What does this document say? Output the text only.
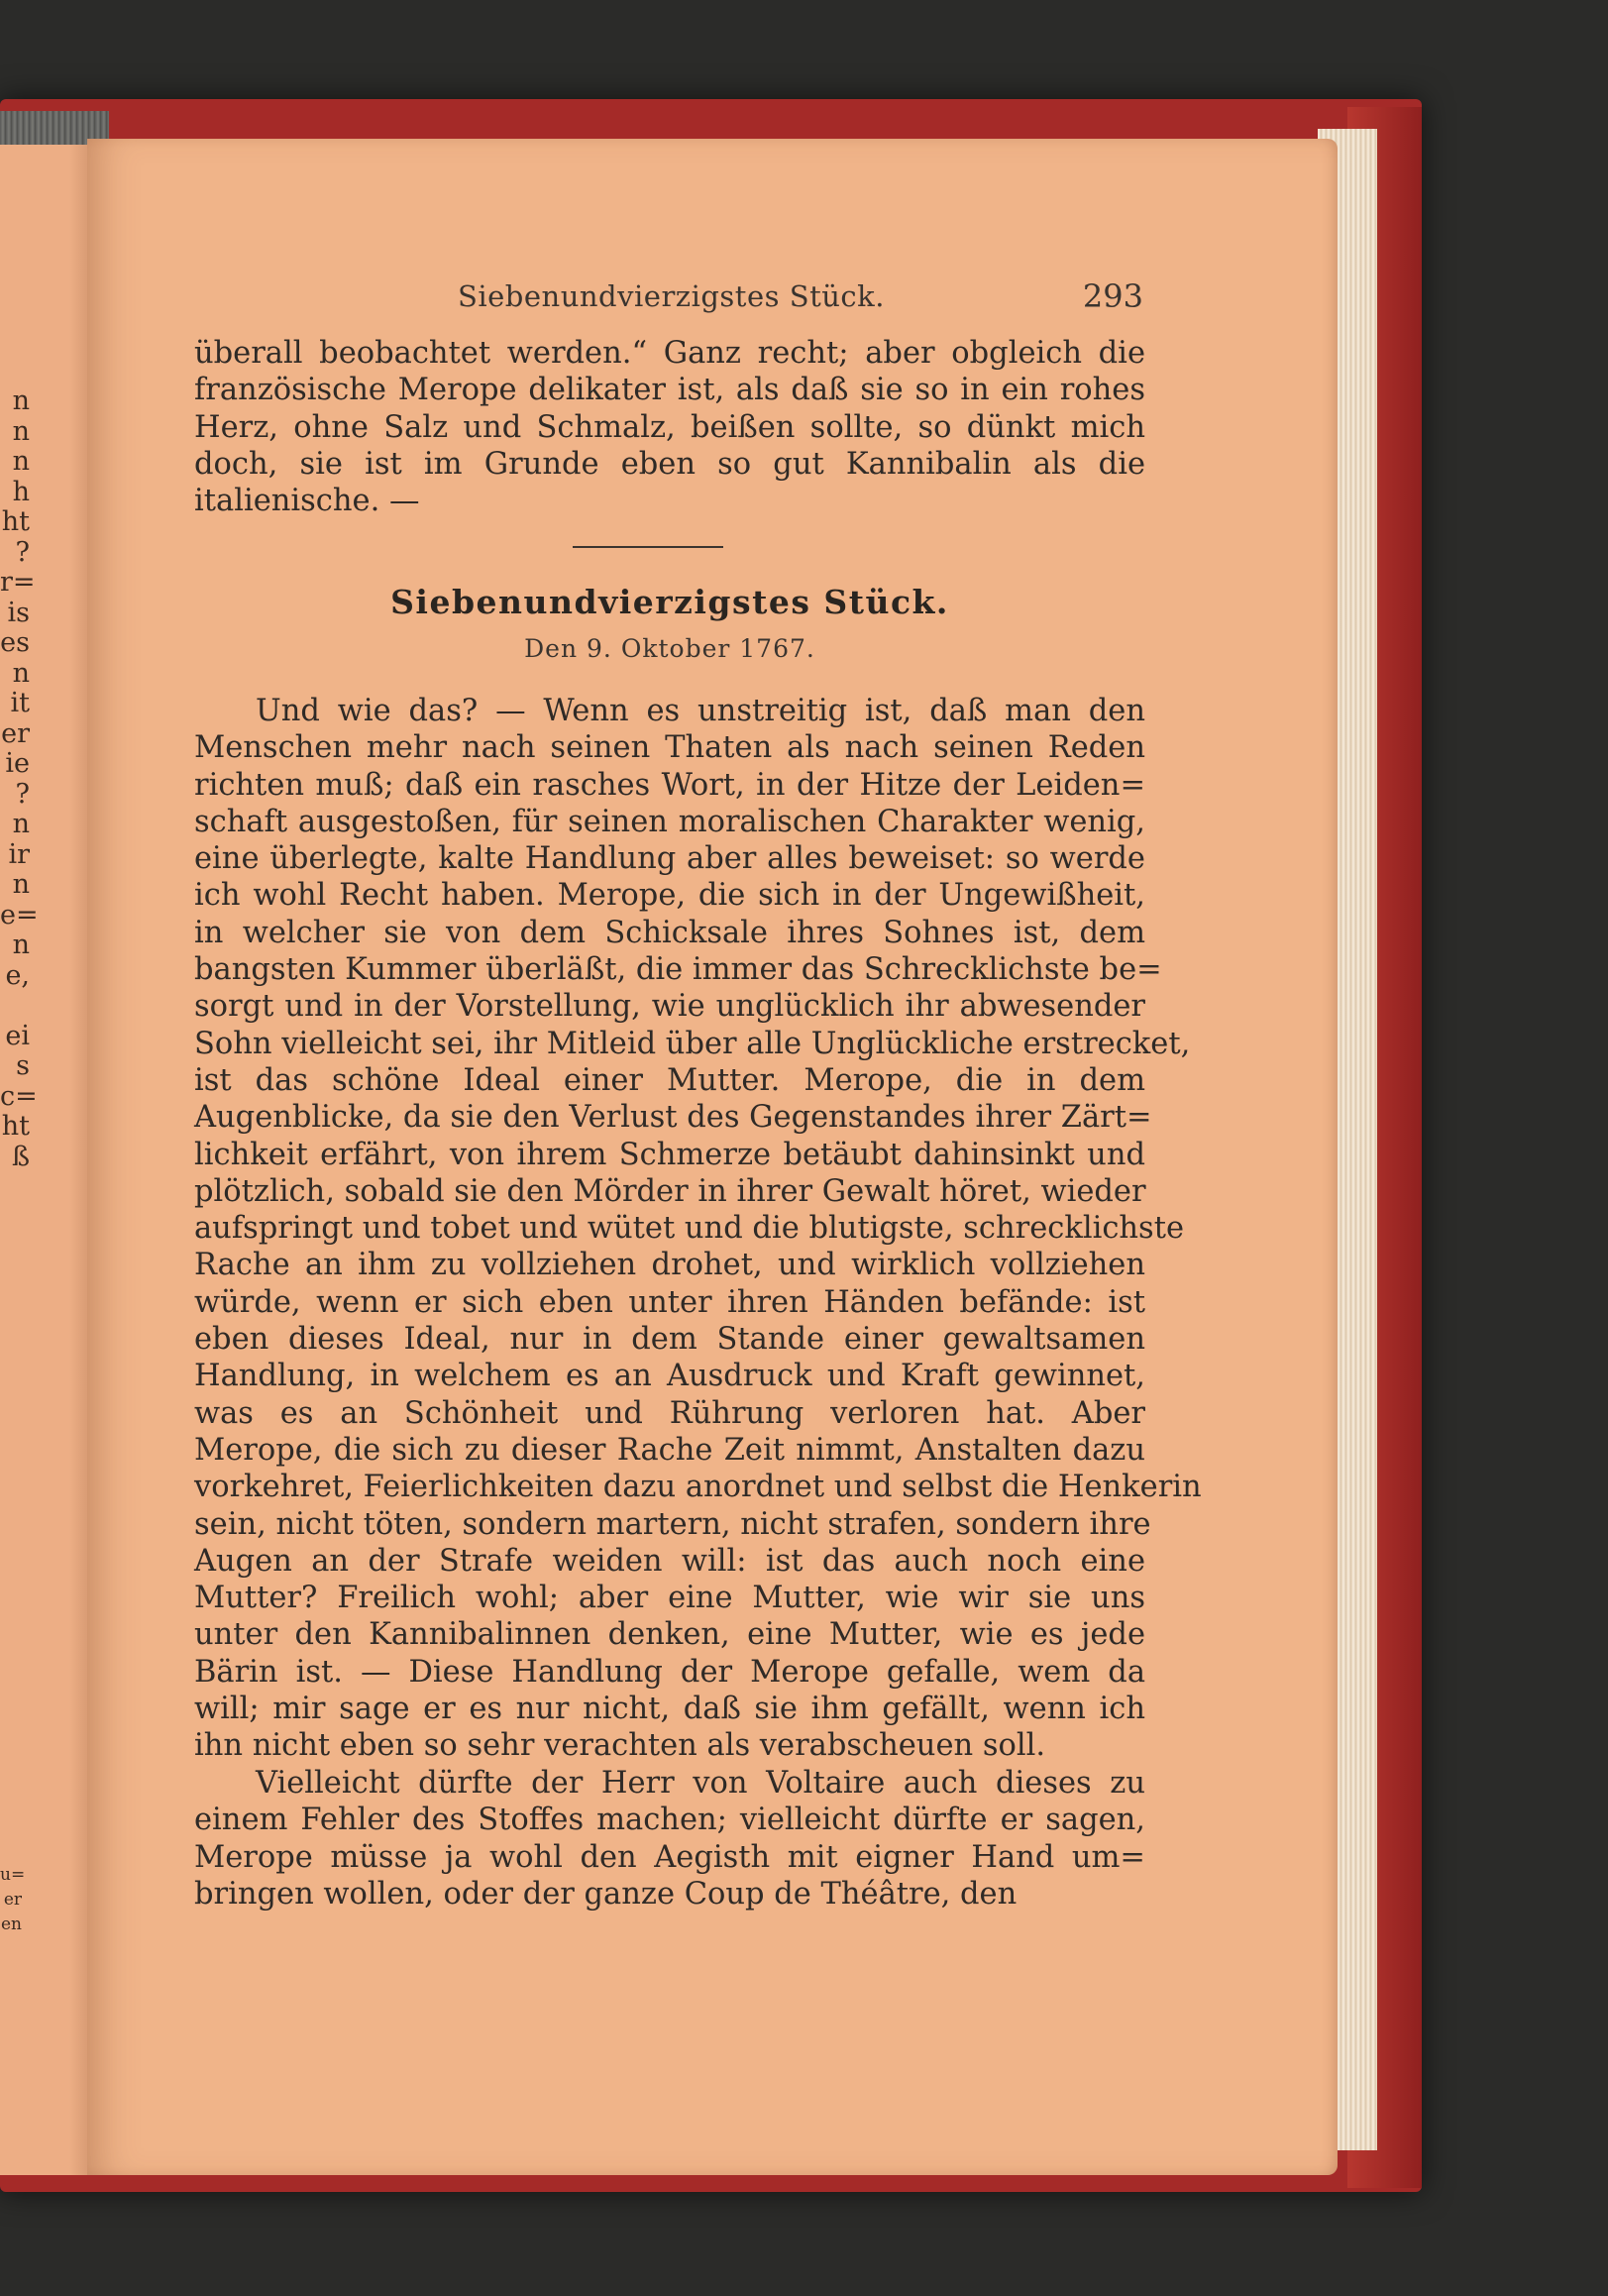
n
n
n
h
ht
?
r=
is
es
n
it
er
ie
?
n
ir
n
e=
n
e,
ei
s
c=
ht
ß
u=
er
en
Siebenundvierzigstes Stück.	293
überall beobachtet werden.“ Ganz recht; aber obgleich die
französische Merope delikater ist, als daß sie so in ein rohes
Herz, ohne Salz und Schmalz, beißen sollte, so dünkt mich
doch, sie ist im Grunde eben so gut Kannibalin als die
italienische. —
Siebenundvierzigstes Stück.
Den 9. Oktober 1767.
Und wie das? — Wenn es unstreitig ist, daß man den
Menschen mehr nach seinen Thaten als nach seinen Reden
richten muß; daß ein rasches Wort, in der Hitze der Leiden=
schaft ausgestoßen, für seinen moralischen Charakter wenig,
eine überlegte, kalte Handlung aber alles beweiset: so werde
ich wohl Recht haben. Merope, die sich in der Ungewißheit,
in welcher sie von dem Schicksale ihres Sohnes ist, dem
bangsten Kummer überläßt, die immer das Schrecklichste be=
sorgt und in der Vorstellung, wie unglücklich ihr abwesender
Sohn vielleicht sei, ihr Mitleid über alle Unglückliche erstrecket,
ist das schöne Ideal einer Mutter. Merope, die in dem
Augenblicke, da sie den Verlust des Gegenstandes ihrer Zärt=
lichkeit erfährt, von ihrem Schmerze betäubt dahinsinkt und
plötzlich, sobald sie den Mörder in ihrer Gewalt höret, wieder
aufspringt und tobet und wütet und die blutigste, schrecklichste
Rache an ihm zu vollziehen drohet, und wirklich vollziehen
würde, wenn er sich eben unter ihren Händen befände: ist
eben dieses Ideal, nur in dem Stande einer gewaltsamen
Handlung, in welchem es an Ausdruck und Kraft gewinnet,
was es an Schönheit und Rührung verloren hat. Aber
Merope, die sich zu dieser Rache Zeit nimmt, Anstalten dazu
vorkehret, Feierlichkeiten dazu anordnet und selbst die Henkerin
sein, nicht töten, sondern martern, nicht strafen, sondern ihre
Augen an der Strafe weiden will: ist das auch noch eine
Mutter? Freilich wohl; aber eine Mutter, wie wir sie uns
unter den Kannibalinnen denken, eine Mutter, wie es jede
Bärin ist. — Diese Handlung der Merope gefalle, wem da
will; mir sage er es nur nicht, daß sie ihm gefällt, wenn ich
ihn nicht eben so sehr verachten als verabscheuen soll.
Vielleicht dürfte der Herr von Voltaire auch dieses zu
einem Fehler des Stoffes machen; vielleicht dürfte er sagen,
Merope müsse ja wohl den Aegisth mit eigner Hand um=
bringen wollen, oder der ganze Coup de Théâtre, den
